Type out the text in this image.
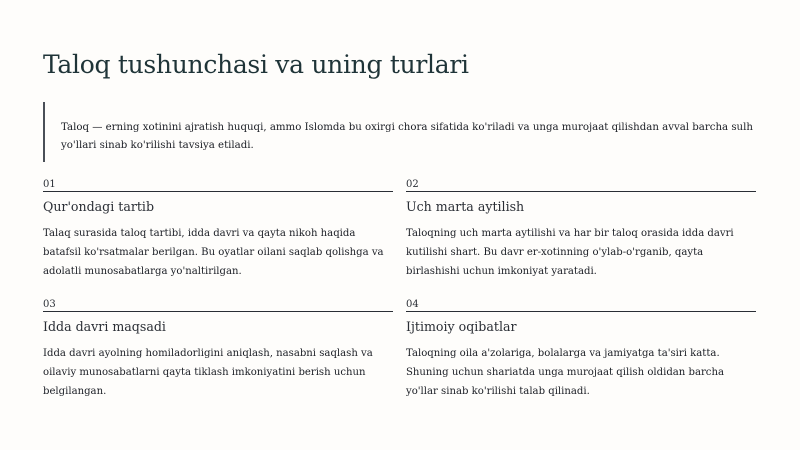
Taloq tushunchasi va uning turlari

Taloq — erning xotinini ajratish huquqi, ammo Islomda bu oxirgi chora sifatida ko'riladi va unga murojaat qilishdan avval barcha sulh yo'llari sinab ko'rilishi tavsiya etiladi.

01
Qur'ondagi tartib

Talaq surasida taloq tartibi, idda davri va qayta nikoh haqida batafsil ko'rsatmalar berilgan. Bu oyatlar oilani saqlab qolishga va adolatli munosabatlarga yo'naltirilgan.

02
Uch marta aytilish

Taloqning uch marta aytilishi va har bir taloq orasida idda davri kutilishi shart. Bu davr er-xotinning o'ylab-o'rganib, qayta birlashishi uchun imkoniyat yaratadi.

03
Idda davri maqsadi

Idda davri ayolning homiladorligini aniqlash, nasabni saqlash va oilaviy munosabatlarni qayta tiklash imkoniyatini berish uchun belgilangan.

04
Ijtimoiy oqibatlar

Taloqning oila a'zolariga, bolalarga va jamiyatga ta'siri katta. Shuning uchun shariatda unga murojaat qilish oldidan barcha yo'llar sinab ko'rilishi talab qilinadi.
